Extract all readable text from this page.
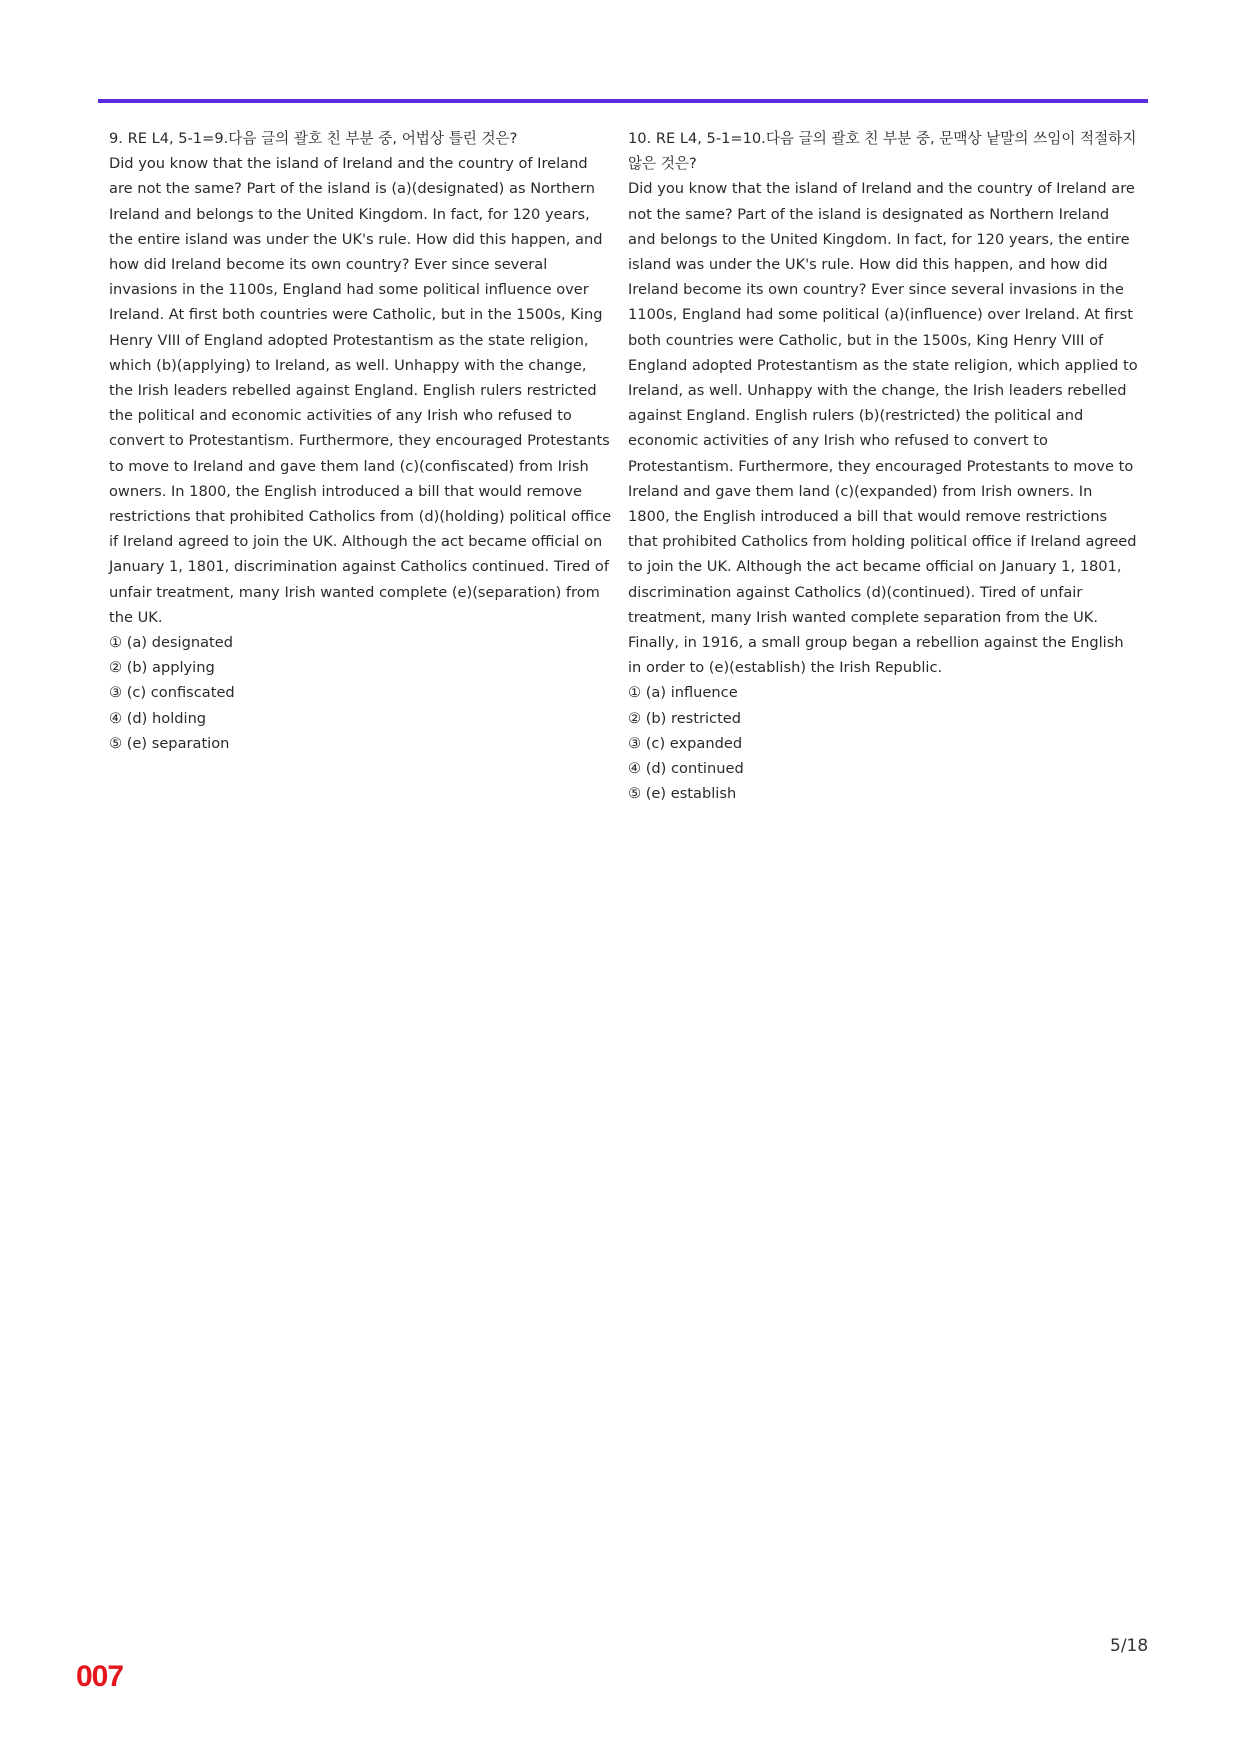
9. RE L4, 5-1=9.다음 글의 괄호 친 부분 중, 어법상 틀린 것은?
Did you know that the island of Ireland and the country of Ireland are not the same? Part of the island is (a)(designated) as Northern Ireland and belongs to the United Kingdom. In fact, for 120 years, the entire island was under the UK's rule. How did this happen, and how did Ireland become its own country? Ever since several invasions in the 1100s, England had some political influence over Ireland. At first both countries were Catholic, but in the 1500s, King Henry VIII of England adopted Protestantism as the state religion, which (b)(applying) to Ireland, as well. Unhappy with the change, the Irish leaders rebelled against England. English rulers restricted the political and economic activities of any Irish who refused to convert to Protestantism. Furthermore, they encouraged Protestants to move to Ireland and gave them land (c)(confiscated) from Irish owners. In 1800, the English introduced a bill that would remove restrictions that prohibited Catholics from (d)(holding) political office if Ireland agreed to join the UK. Although the act became official on January 1, 1801, discrimination against Catholics continued. Tired of unfair treatment, many Irish wanted complete (e)(separation) from the UK.
① (a) designated
② (b) applying
③ (c) confiscated
④ (d) holding
⑤ (e) separation
10. RE L4, 5-1=10.다음 글의 괄호 친 부분 중, 문맥상 낱말의 쓰임이 적절하지 않은 것은?
Did you know that the island of Ireland and the country of Ireland are not the same? Part of the island is designated as Northern Ireland and belongs to the United Kingdom. In fact, for 120 years, the entire island was under the UK's rule. How did this happen, and how did Ireland become its own country? Ever since several invasions in the 1100s, England had some political (a)(influence) over Ireland. At first both countries were Catholic, but in the 1500s, King Henry VIII of England adopted Protestantism as the state religion, which applied to Ireland, as well. Unhappy with the change, the Irish leaders rebelled against England. English rulers (b)(restricted) the political and economic activities of any Irish who refused to convert to Protestantism. Furthermore, they encouraged Protestants to move to Ireland and gave them land (c)(expanded) from Irish owners. In 1800, the English introduced a bill that would remove restrictions that prohibited Catholics from holding political office if Ireland agreed to join the UK. Although the act became official on January 1, 1801, discrimination against Catholics (d)(continued). Tired of unfair treatment, many Irish wanted complete separation from the UK. Finally, in 1916, a small group began a rebellion against the English in order to (e)(establish) the Irish Republic.
① (a) influence
② (b) restricted
③ (c) expanded
④ (d) continued
⑤ (e) establish
007
5/18
